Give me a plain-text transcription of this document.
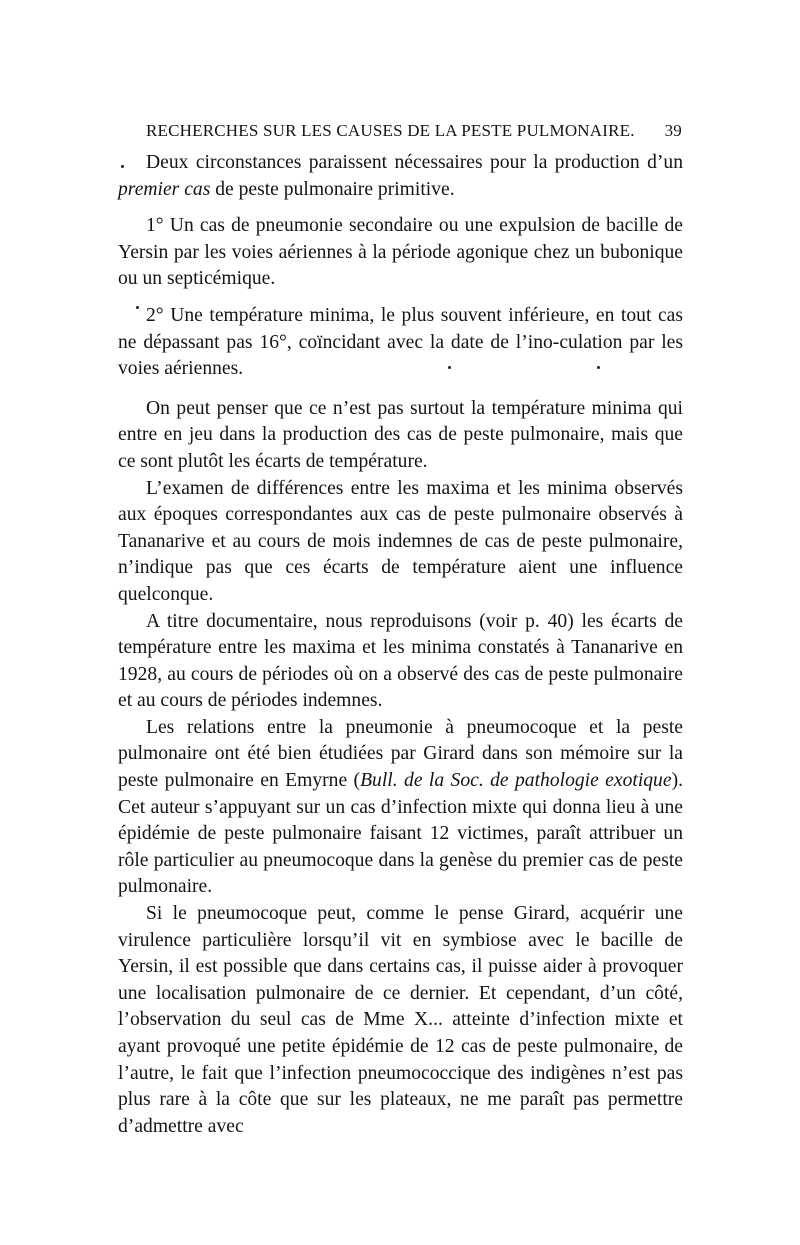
RECHERCHES SUR LES CAUSES DE LA PESTE PULMONAIRE. 39

Deux circonstances paraissent nécessaires pour la production d’un premier cas de peste pulmonaire primitive.

1° Un cas de pneumonie secondaire ou une expulsion de bacille de Yersin par les voies aériennes à la période agonique chez un bubonique ou un septicémique.

2° Une température minima, le plus souvent inférieure, en tout cas ne dépassant pas 16°, coïncidant avec la date de l’ino-culation par les voies aériennes.

On peut penser que ce n’est pas surtout la température minima qui entre en jeu dans la production des cas de peste pulmonaire, mais que ce sont plutôt les écarts de température.

L’examen de différences entre les maxima et les minima observés aux époques correspondantes aux cas de peste pulmonaire observés à Tananarive et au cours de mois indemnes de cas de peste pulmonaire, n’indique pas que ces écarts de température aient une influence quelconque.

A titre documentaire, nous reproduisons (voir p. 40) les écarts de température entre les maxima et les minima constatés à Tananarive en 1928, au cours de périodes où on a observé des cas de peste pulmonaire et au cours de périodes indemnes.

Les relations entre la pneumonie à pneumocoque et la peste pulmonaire ont été bien étudiées par Girard dans son mémoire sur la peste pulmonaire en Emyrne (Bull. de la Soc. de pathologie exotique). Cet auteur s’appuyant sur un cas d’infection mixte qui donna lieu à une épidémie de peste pulmonaire faisant 12 victimes, paraît attribuer un rôle particulier au pneumocoque dans la genèse du premier cas de peste pulmonaire.

Si le pneumocoque peut, comme le pense Girard, acquérir une virulence particulière lorsqu’il vit en symbiose avec le bacille de Yersin, il est possible que dans certains cas, il puisse aider à provoquer une localisation pulmonaire de ce dernier. Et cependant, d’un côté, l’observation du seul cas de Mme X... atteinte d’infection mixte et ayant provoqué une petite épidémie de 12 cas de peste pulmonaire, de l’autre, le fait que l’infection pneumococcique des indigènes n’est pas plus rare à la côte que sur les plateaux, ne me paraît pas permettre d’admettre avec
